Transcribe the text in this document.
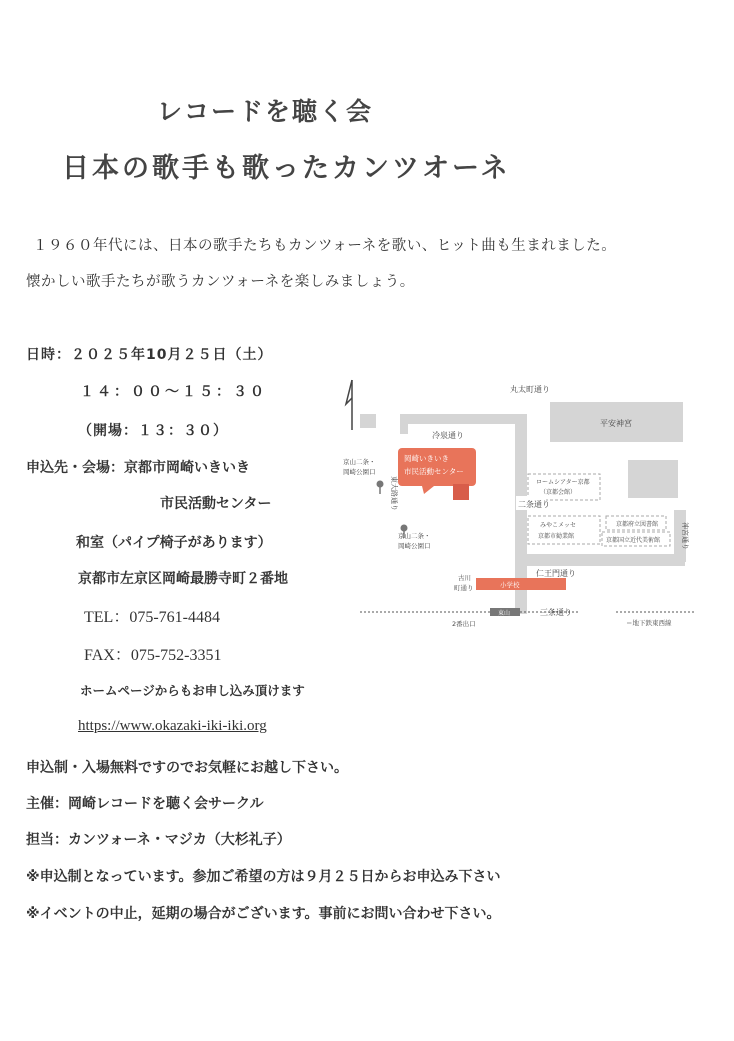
レコードを聴く会
日本の歌手も歌ったカンツオーネ
１９６０年代には、日本の歌手たちもカンツォーネを歌い、ヒット曲も生まれました。
懐かしい歌手たちが歌うカンツォーネを楽しみましょう。
日時：２０２５年10月２５日（土）
１４：００〜１５：３０
（開場：１３：３０）
申込先・会場：京都市岡崎いきいき
市民活動センター
和室（パイプ椅子があります）
京都市左京区岡崎最勝寺町２番地
TEL：075-761-4484
FAX：075-752-3351
ホームページからもお申し込み頂けます
https://www.okazaki-iki-iki.org
申込制・入場無料ですのでお気軽にお越し下さい。
主催：岡崎レコードを聴く会サークル
担当：カンツォーネ・マジカ（大杉礼子）
※申込制となっています。参加ご希望の方は９月２５日からお申込み下さい
※イベントの中止，延期の場合がございます。事前にお問い合わせ下さい。
丸太町通り
平安神宮
冷泉通り
岡崎いきいき
市民活動センター
京山二条・
岡崎公園口
東大路通り
京山二条・
岡崎公園口
ロームシアター京都
（京都会館）
二条通り
みやこメッセ
京都市勧業館
京都府立図書館
京都国立近代美術館	神宮通り
仁王門通り
古川
町通り	小学校
東山	三条通り
2番出口	＝地下鉄東西線
